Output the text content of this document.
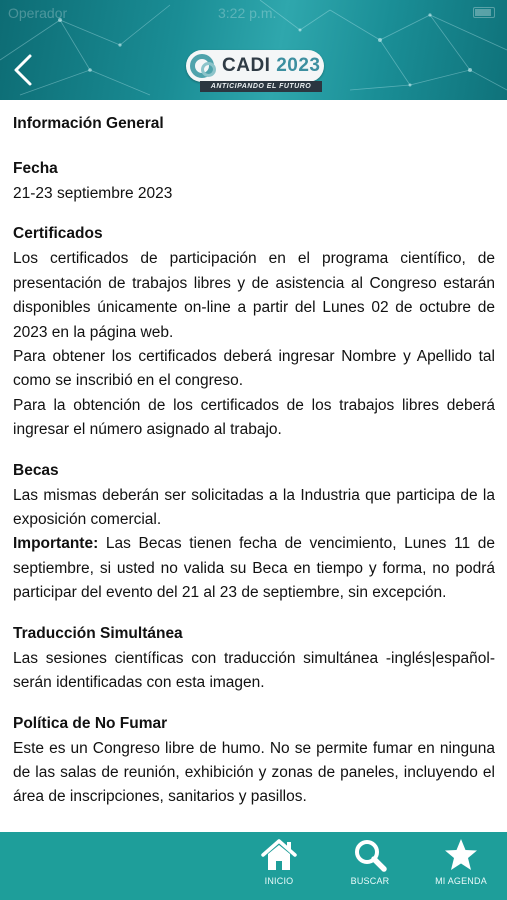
Operador	3:22 p.m.
CADI 2023
ANTICIPANDO EL FUTURO
Información General
Fecha

21-23 septiembre 2023

Certificados

Los certificados de participación en el programa científico, de presentación de trabajos libres y de asistencia al Congreso estarán disponibles únicamente on-line a partir del Lunes 02 de octubre de 2023 en la página web.

Para obtener los certificados deberá ingresar Nombre y Apellido tal como se inscribió en el congreso.

Para la obtención de los certificados de los trabajos libres deberá ingresar el número asignado al trabajo.

Becas

Las mismas deberán ser solicitadas a la Industria que participa de la exposición comercial.

Importante: Las Becas tienen fecha de vencimiento, Lunes 11 de septiembre, si usted no valida su Beca en tiempo y forma, no podrá participar del evento del 21 al 23 de septiembre, sin excepción.

Traducción Simultánea

Las sesiones científicas con traducción simultánea -inglés|español- serán identificadas con esta imagen.

Política de No Fumar

Este es un Congreso libre de humo. No se permite fumar en ninguna de las salas de reunión, exhibición y zonas de paneles, incluyendo el área de inscripciones, sanitarios y pasillos.

INICIO	BUSCAR	MI AGENDA
